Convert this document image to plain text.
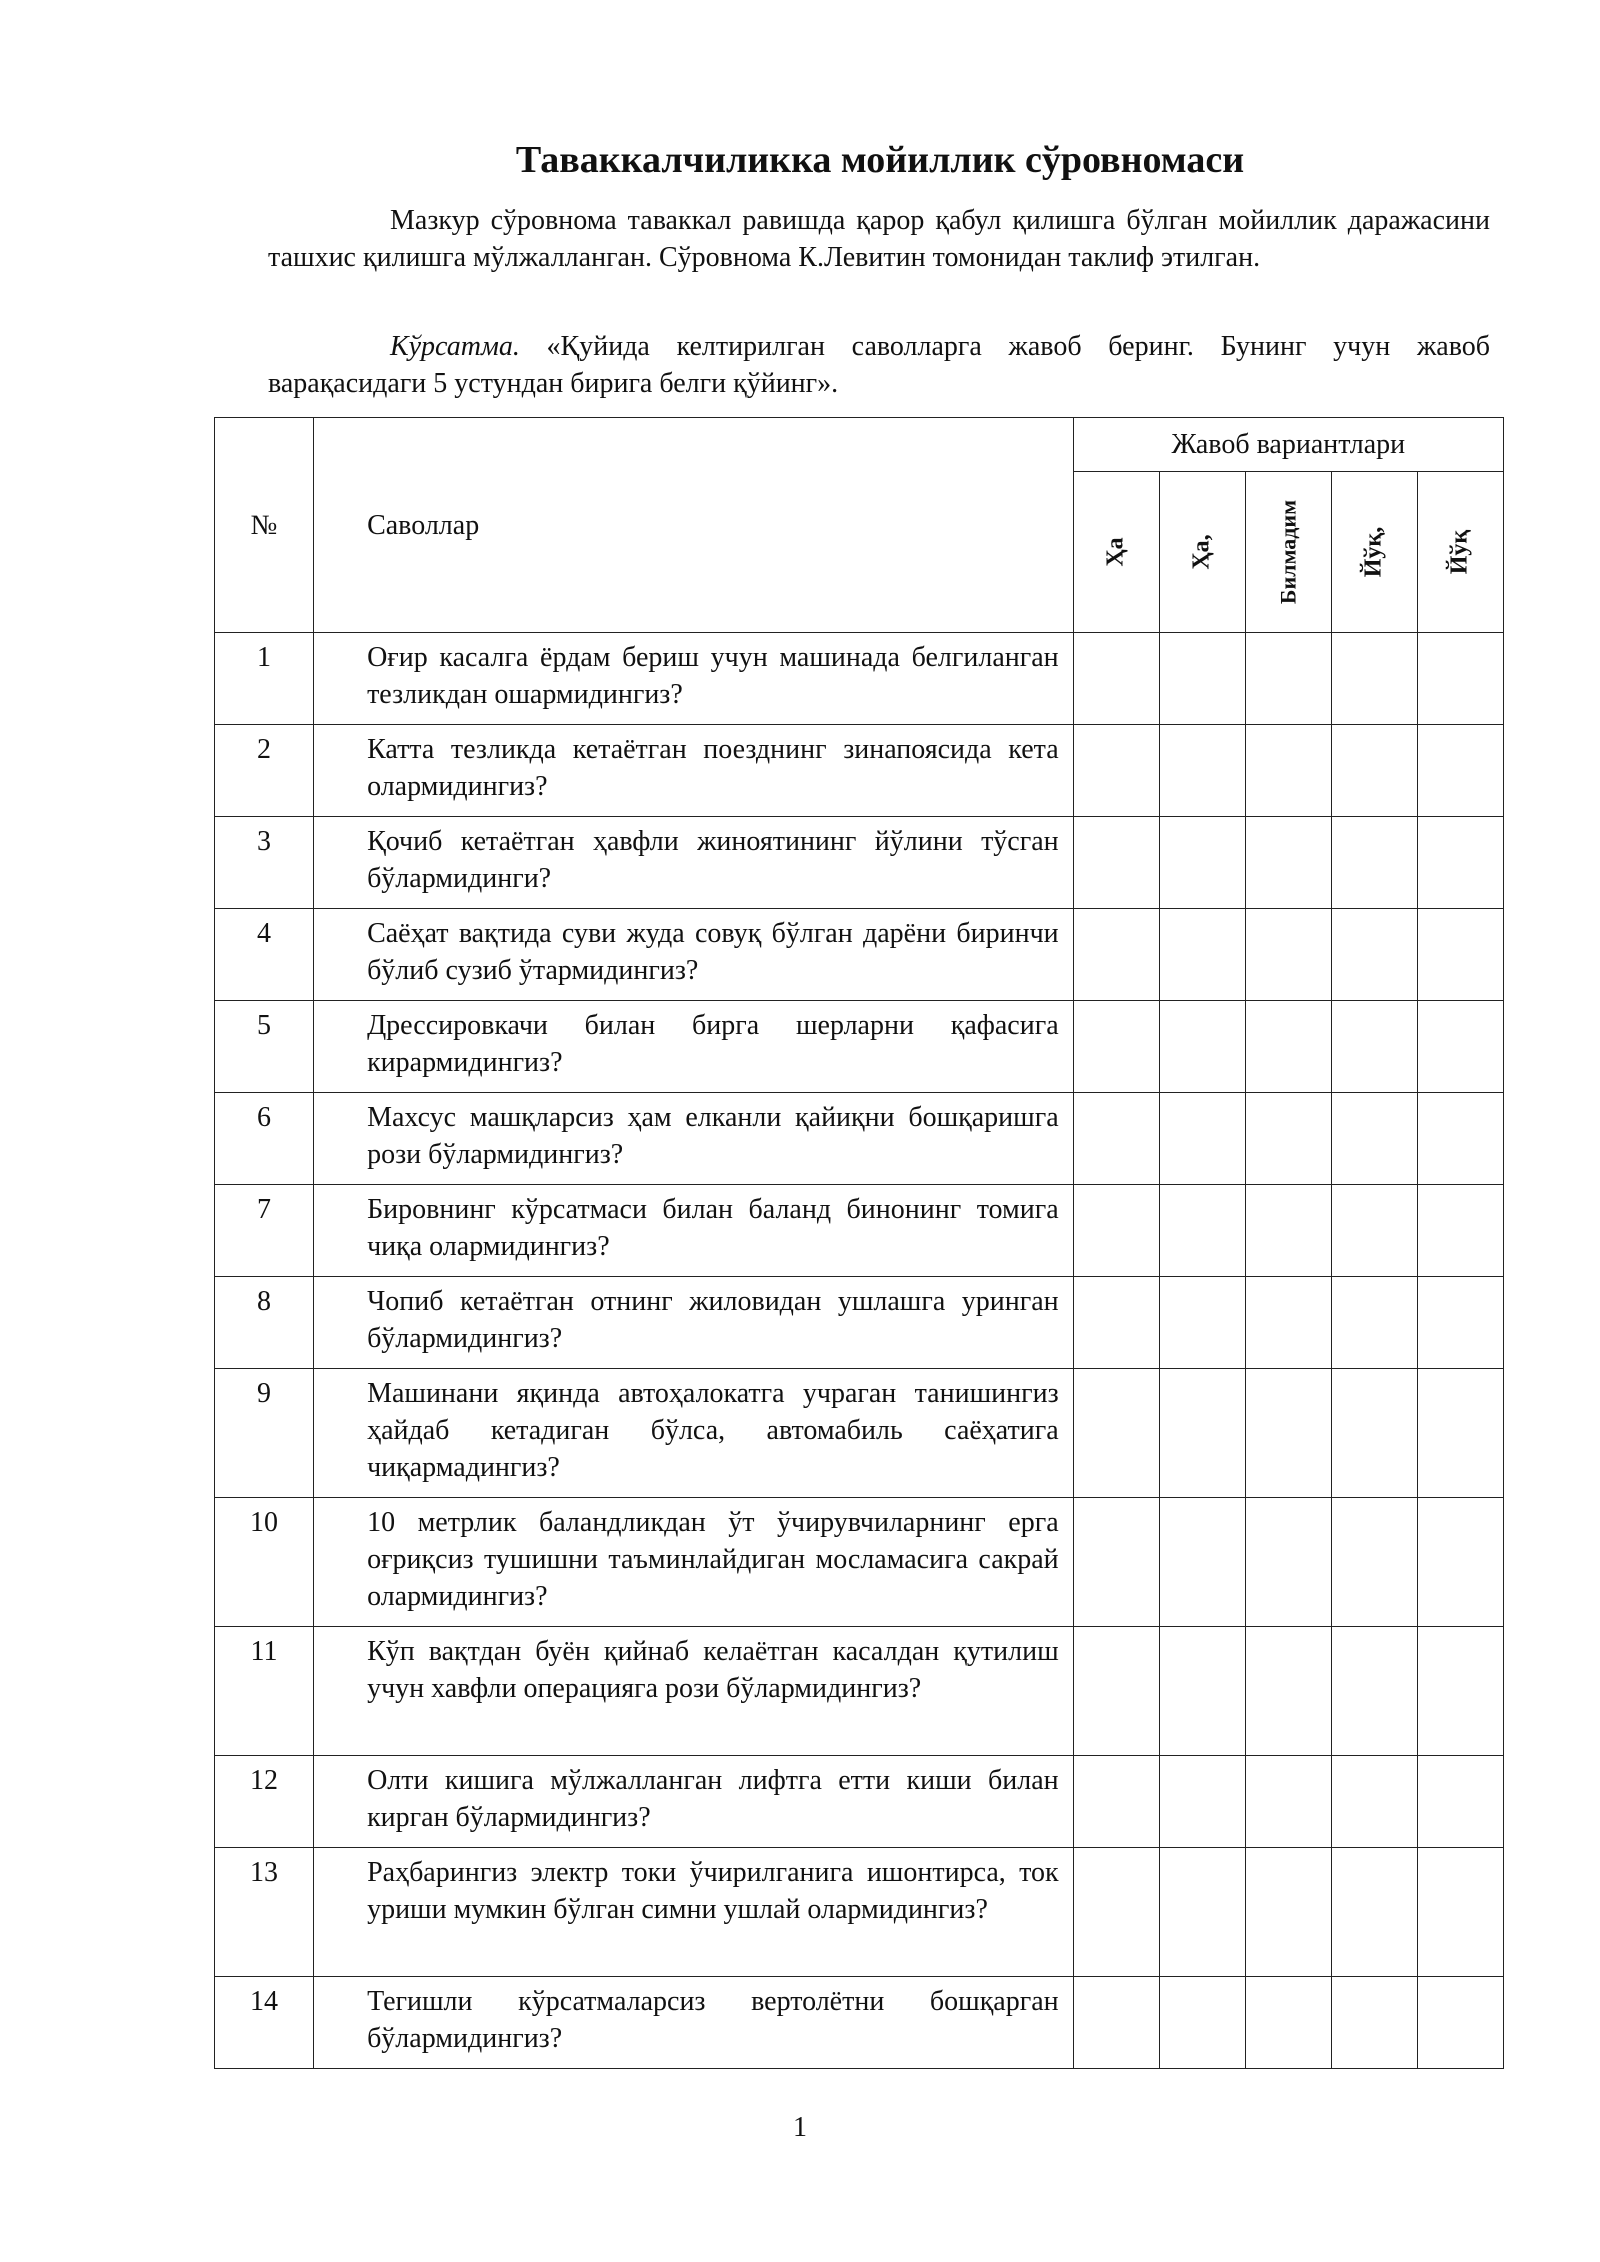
Таваккалчиликка мойиллик сўровномаси

Мазкур сўровнома таваккал равишда қарор қабул қилишга бўлган мойиллик даражасини ташхис қилишга мўлжалланган. Сўровнома К.Левитин томонидан таклиф этилган.

Кўрсатма. «Қуйида келтирилган саволларга жавоб беринг. Бунинг учун жавоб варақасидаги 5 устундан бирига белги қўйинг».

№	Саволлар	Жавоб вариантлари				

		Ҳа	Ҳа,	Билмадим	Йўқ,	Йўқ

1	Оғир касалга ёрдам бериш учун машинада белгиланган тезликдан ошармидингиз?					

2	Катта тезликда кетаётган поезднинг зинапоясида кета олармидингиз?					

3	Қочиб кетаётган ҳавфли жиноятининг йўлини тўсган бўлармидинги?					

4	Саёҳат вақтида суви жуда совуқ бўлган дарёни биринчи бўлиб сузиб ўтармидингиз?					

5	Дрессировкачи билан бирга шерларни қафасига кирармидингиз?					

6	Махсус машқларсиз ҳам елканли қайиқни бошқаришга рози бўлармидингиз?					

7	Бировнинг кўрсатмаси билан баланд бинонинг томига чиқа олармидингиз?					

8	Чопиб кетаётган отнинг жиловидан ушлашга уринган бўлармидингиз?					

9	Машинани яқинда автоҳалокатга учраган танишингиз ҳайдаб кетадиган бўлса, автомабиль саёҳатига чиқармадингиз?					

10	10 метрлик баландликдан ўт ўчирувчиларнинг ерга оғриқсиз тушишни таъминлайдиган мосламасига сакрай олармидингиз?					

11	Кўп вақтдан буён қийнаб келаётган касалдан қутилиш учун хавфли операцияга рози бўлармидингиз?					

12	Олти кишига мўлжалланган лифтга етти киши билан кирган бўлармидингиз?					

13	Раҳбарингиз электр токи ўчирилганига ишонтирса, ток уриши мумкин бўлган симни ушлай олармидингиз?					

14	Тегишли кўрсатмаларсиз вертолётни бошқарган бўлармидингиз?					

1
